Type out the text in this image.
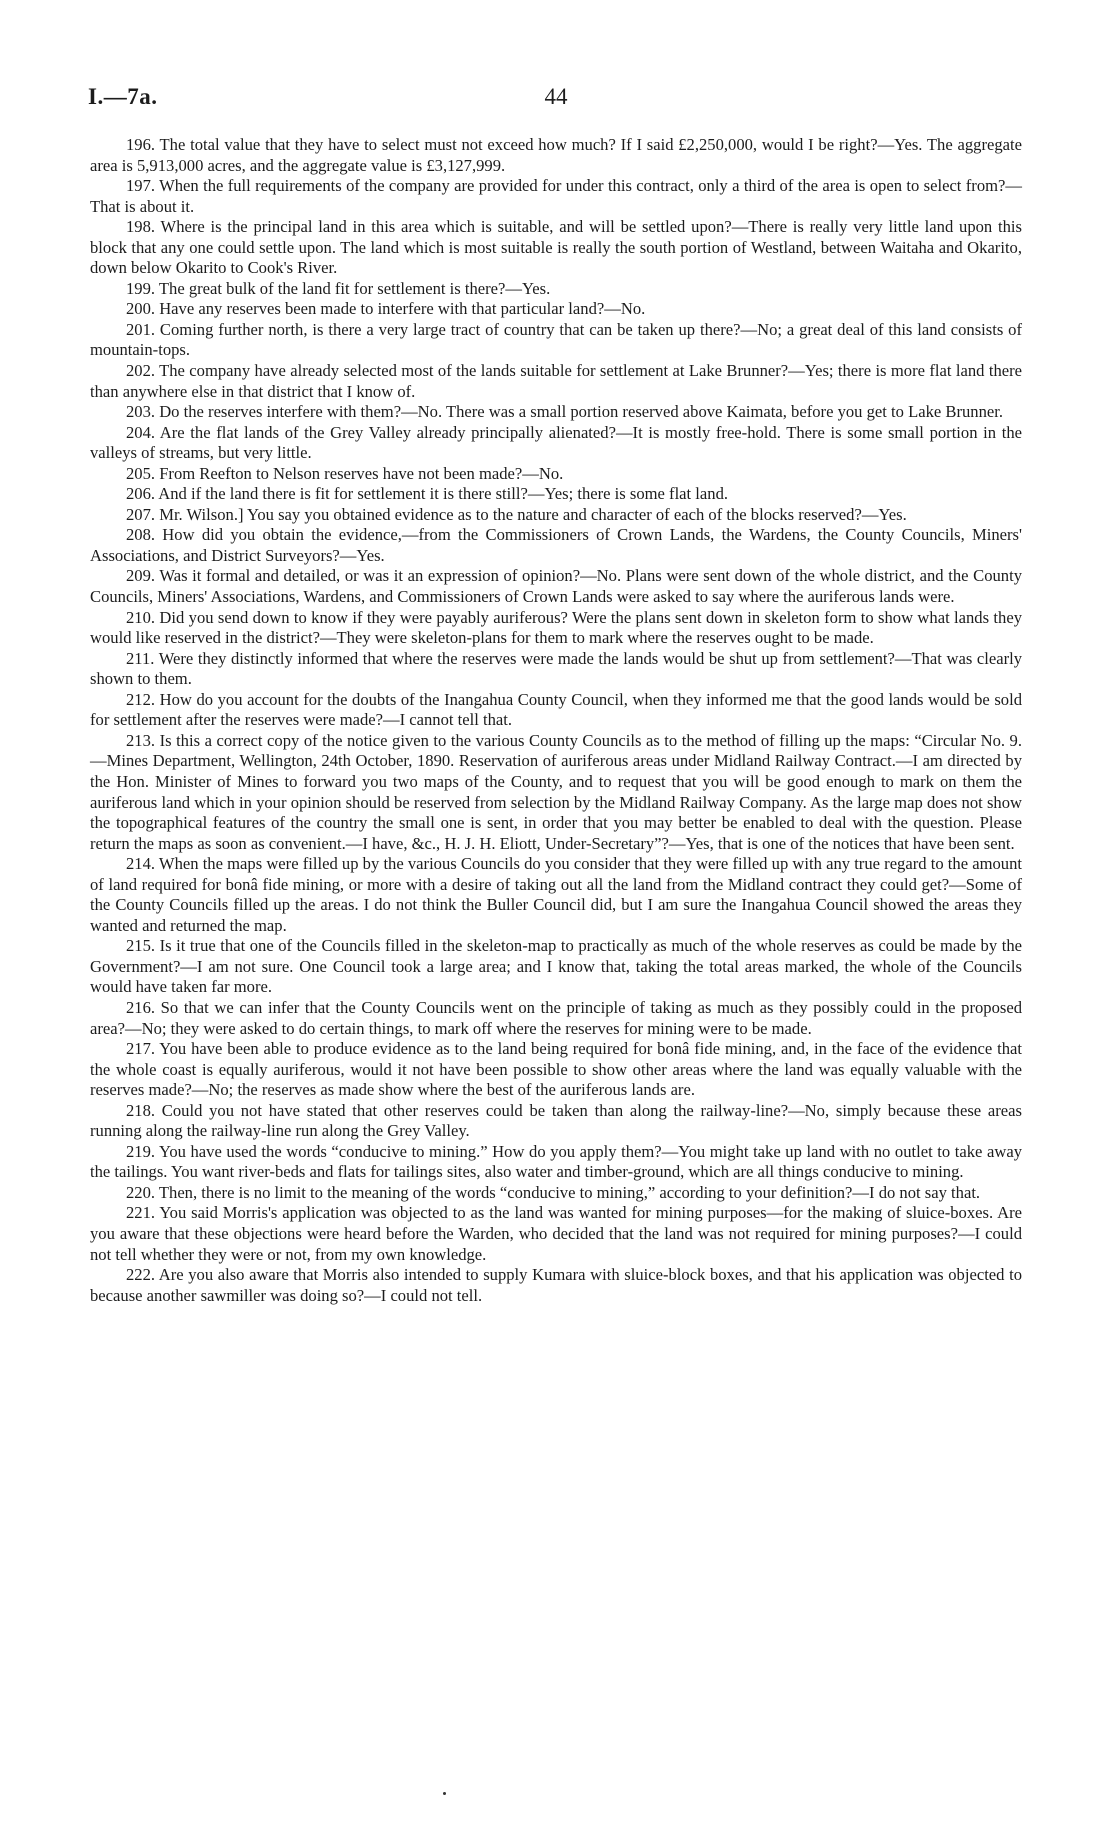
I.—7a.	44

196. The total value that they have to select must not exceed how much? If I said £2,250,000, would I be right?—Yes. The aggregate area is 5,913,000 acres, and the aggregate value is £3,127,999.

197. When the full requirements of the company are provided for under this contract, only a third of the area is open to select from?—That is about it.

198. Where is the principal land in this area which is suitable, and will be settled upon?—There is really very little land upon this block that any one could settle upon. The land which is most suitable is really the south portion of Westland, between Waitaha and Okarito, down below Okarito to Cook's River.

199. The great bulk of the land fit for settlement is there?—Yes.

200. Have any reserves been made to interfere with that particular land?—No.

201. Coming further north, is there a very large tract of country that can be taken up there?—No; a great deal of this land consists of mountain-tops.

202. The company have already selected most of the lands suitable for settlement at Lake Brunner?—Yes; there is more flat land there than anywhere else in that district that I know of.

203. Do the reserves interfere with them?—No. There was a small portion reserved above Kaimata, before you get to Lake Brunner.

204. Are the flat lands of the Grey Valley already principally alienated?—It is mostly free-hold. There is some small portion in the valleys of streams, but very little.

205. From Reefton to Nelson reserves have not been made?—No.

206. And if the land there is fit for settlement it is there still?—Yes; there is some flat land.

207. Mr. Wilson.] You say you obtained evidence as to the nature and character of each of the blocks reserved?—Yes.

208. How did you obtain the evidence,—from the Commissioners of Crown Lands, the Wardens, the County Councils, Miners' Associations, and District Surveyors?—Yes.

209. Was it formal and detailed, or was it an expression of opinion?—No. Plans were sent down of the whole district, and the County Councils, Miners' Associations, Wardens, and Commissioners of Crown Lands were asked to say where the auriferous lands were.

210. Did you send down to know if they were payably auriferous? Were the plans sent down in skeleton form to show what lands they would like reserved in the district?—They were skeleton-plans for them to mark where the reserves ought to be made.

211. Were they distinctly informed that where the reserves were made the lands would be shut up from settlement?—That was clearly shown to them.

212. How do you account for the doubts of the Inangahua County Council, when they informed me that the good lands would be sold for settlement after the reserves were made?—I cannot tell that.

213. Is this a correct copy of the notice given to the various County Councils as to the method of filling up the maps: “Circular No. 9.—Mines Department, Wellington, 24th October, 1890. Reservation of auriferous areas under Midland Railway Contract.—I am directed by the Hon. Minister of Mines to forward you two maps of the County, and to request that you will be good enough to mark on them the auriferous land which in your opinion should be reserved from selection by the Midland Railway Company. As the large map does not show the topographical features of the country the small one is sent, in order that you may better be enabled to deal with the question. Please return the maps as soon as convenient.—I have, &c., H. J. H. Eliott, Under-Secretary”?—Yes, that is one of the notices that have been sent.

214. When the maps were filled up by the various Councils do you consider that they were filled up with any true regard to the amount of land required for bonâ fide mining, or more with a desire of taking out all the land from the Midland contract they could get?—Some of the County Councils filled up the areas. I do not think the Buller Council did, but I am sure the Inangahua Council showed the areas they wanted and returned the map.

215. Is it true that one of the Councils filled in the skeleton-map to practically as much of the whole reserves as could be made by the Government?—I am not sure. One Council took a large area; and I know that, taking the total areas marked, the whole of the Councils would have taken far more.

216. So that we can infer that the County Councils went on the principle of taking as much as they possibly could in the proposed area?—No; they were asked to do certain things, to mark off where the reserves for mining were to be made.

217. You have been able to produce evidence as to the land being required for bonâ fide mining, and, in the face of the evidence that the whole coast is equally auriferous, would it not have been possible to show other areas where the land was equally valuable with the reserves made?—No; the reserves as made show where the best of the auriferous lands are.

218. Could you not have stated that other reserves could be taken than along the railway-line?—No, simply because these areas running along the railway-line run along the Grey Valley.

219. You have used the words “conducive to mining.” How do you apply them?—You might take up land with no outlet to take away the tailings. You want river-beds and flats for tailings sites, also water and timber-ground, which are all things conducive to mining.

220. Then, there is no limit to the meaning of the words “conducive to mining,” according to your definition?—I do not say that.

221. You said Morris's application was objected to as the land was wanted for mining purposes—for the making of sluice-boxes. Are you aware that these objections were heard before the Warden, who decided that the land was not required for mining purposes?—I could not tell whether they were or not, from my own knowledge.

222. Are you also aware that Morris also intended to supply Kumara with sluice-block boxes, and that his application was objected to because another sawmiller was doing so?—I could not tell.
